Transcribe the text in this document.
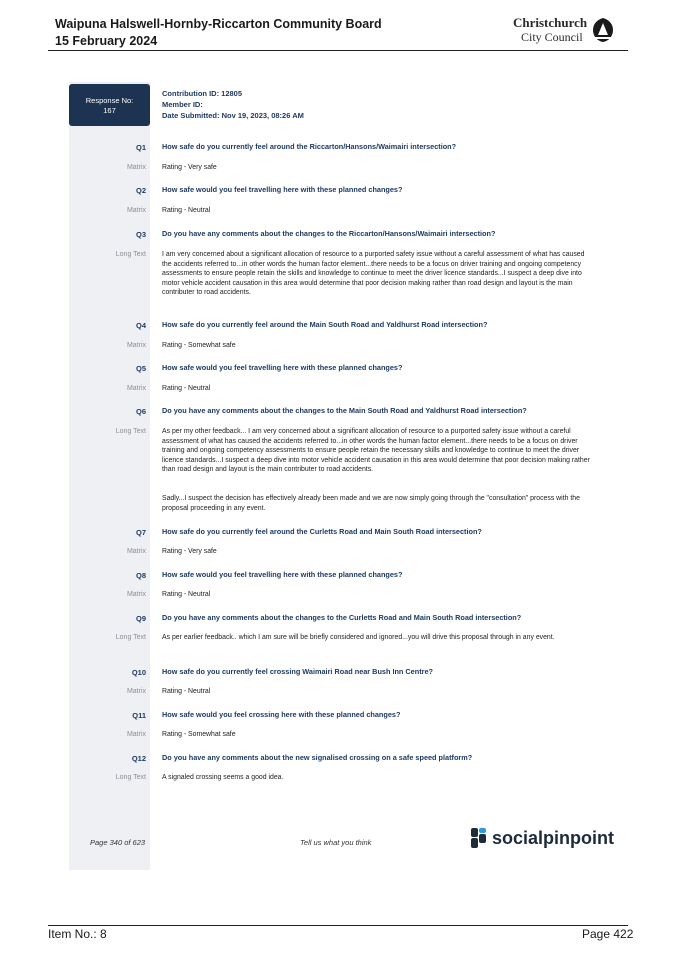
Waipuna Halswell-Hornby-Riccarton Community Board
15 February 2024
Christchurch
City Council
Response No:
167
Contribution ID: 12805
Member ID:
Date Submitted: Nov 19, 2023, 08:26 AM
Q1 How safe do you currently feel around the Riccarton/Hansons/Waimairi intersection?
Matrix Rating - Very safe
Q2 How safe would you feel travelling here with these planned changes?
Matrix Rating - Neutral
Q3 Do you have any comments about the changes to the Riccarton/Hansons/Waimairi intersection?
Long Text I am very concerned about a significant allocation of resource to a purported safety issue without a careful assessment of what has caused the accidents referred to...in other words the human factor element...there needs to be a focus on driver training and ongoing competency assessments to ensure people retain the skills and knowledge to continue to meet the driver licence standards...I suspect a deep dive into motor vehicle accident causation in this area would determine that poor decision making rather than road design and layout is the main contributer to road accidents.
Q4 How safe do you currently feel around the Main South Road and Yaldhurst Road intersection?
Matrix Rating - Somewhat safe
Q5 How safe would you feel travelling here with these planned changes?
Matrix Rating - Neutral
Q6 Do you have any comments about the changes to the Main South Road and Yaldhurst Road intersection?
Long Text As per my other feedback... I am very concerned about a significant allocation of resource to a purported safety issue without a careful assessment of what has caused the accidents referred to...in other words the human factor element...there needs to be a focus on driver training and ongoing competency assessments to ensure people retain the necessary skills and knowledge to continue to meet the driver licence standards...I suspect a deep dive into motor vehicle accident causation in this area would determine that poor decision making rather than road design and layout is the main contributer to road accidents.
Sadly...I suspect the decision has effectively already been made and we are now simply going through the "consultation" process with the proposal proceeding in any event.
Q7 How safe do you currently feel around the Curletts Road and Main South Road intersection?
Matrix Rating - Very safe
Q8 How safe would you feel travelling here with these planned changes?
Matrix Rating - Neutral
Q9 Do you have any comments about the changes to the Curletts Road and Main South Road intersection?
Long Text As per earlier feedback.. which I am sure will be briefly considered and ignored...you will drive this proposal through in any event.
Q10 How safe do you currently feel crossing Waimairi Road near Bush Inn Centre?
Matrix Rating - Neutral
Q11 How safe would you feel crossing here with these planned changes?
Matrix Rating - Somewhat safe
Q12 Do you have any comments about the new signalised crossing on a safe speed platform?
Long Text A signaled crossing seems a good idea.
Page 340 of 623	Tell us what you think	socialpinpoint
Item No.: 8	Page 422
